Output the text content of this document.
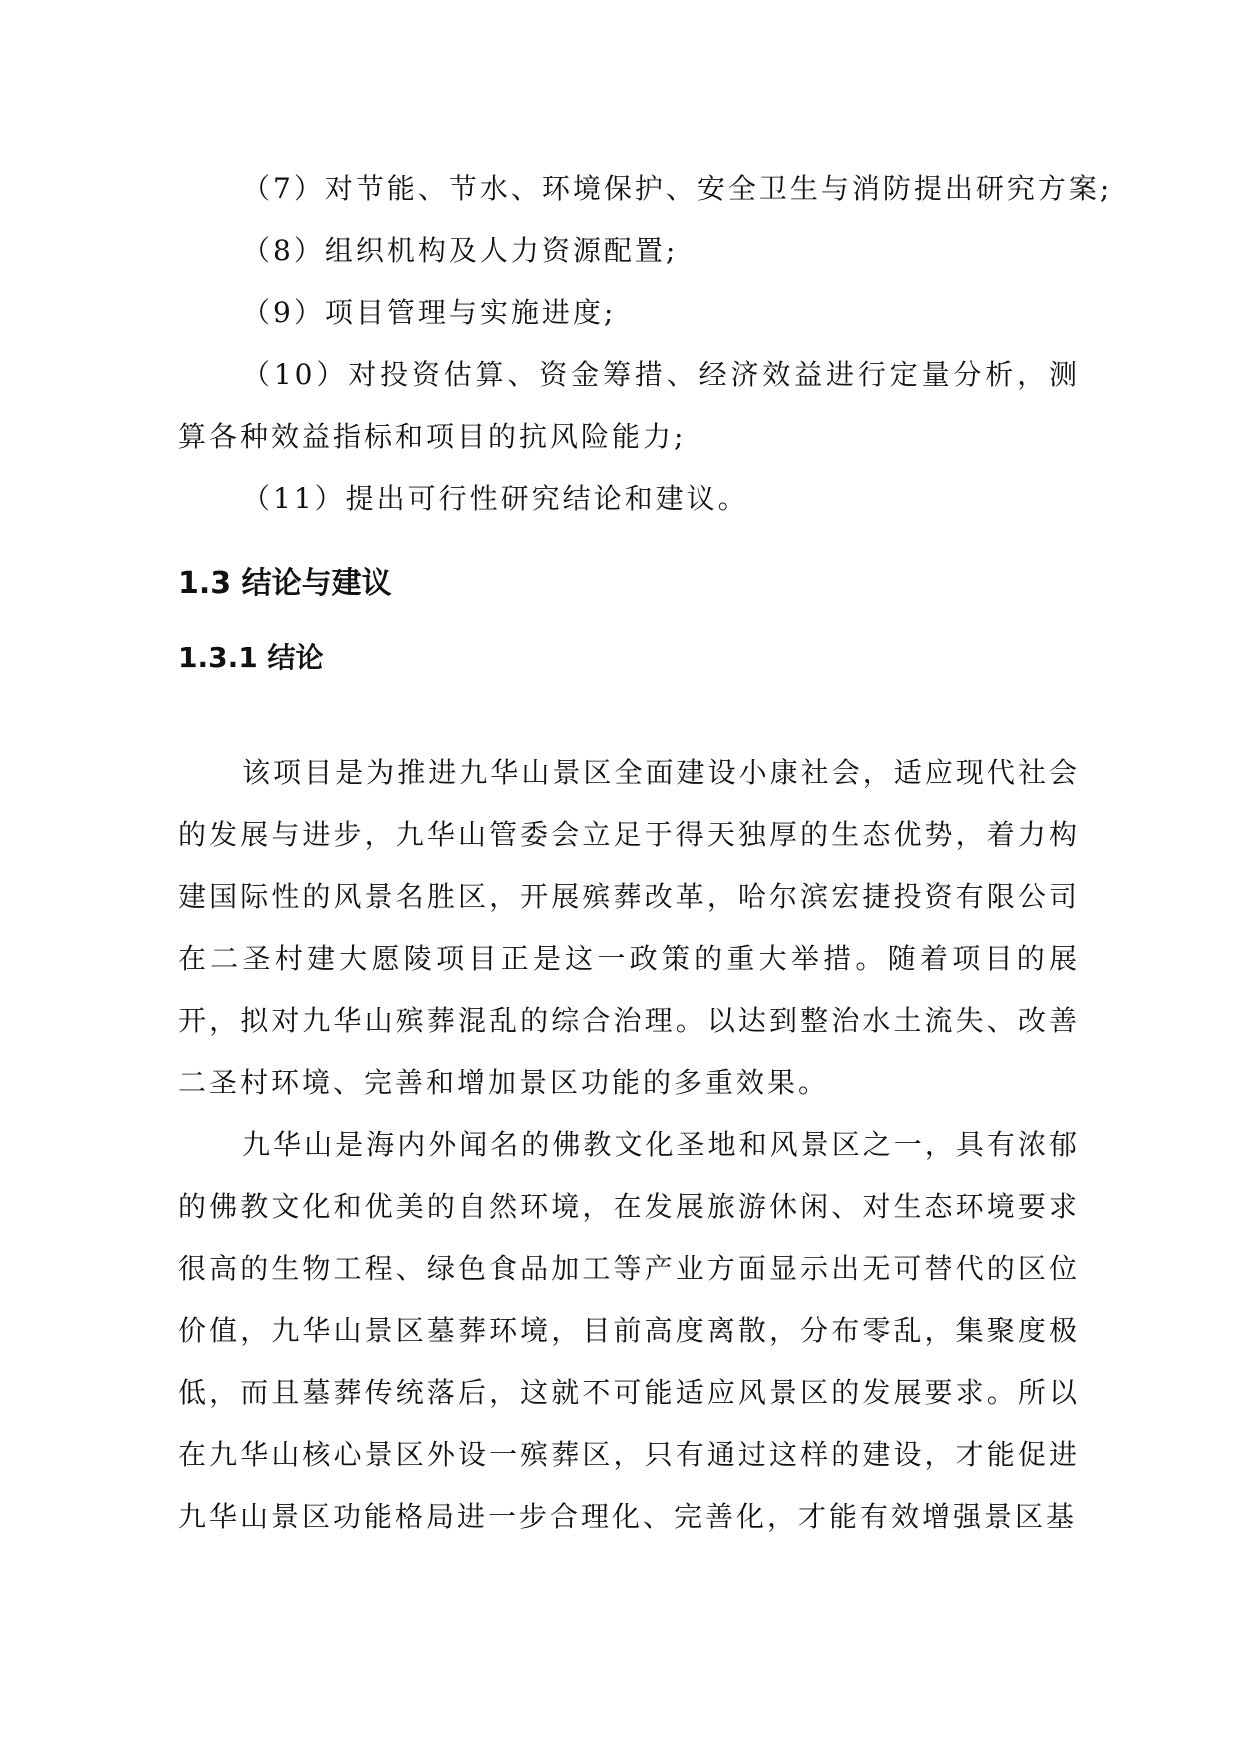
（7）对节能、节水、环境保护、安全卫生与消防提出研究方案;
（8）组织机构及人力资源配置;
（9）项目管理与实施进度;
（10）对投资估算、资金筹措、经济效益进行定量分析，测算各种效益指标和项目的抗风险能力;
（11）提出可行性研究结论和建议。
1.3 结论与建议
1.3.1 结论
该项目是为推进九华山景区全面建设小康社会，适应现代社会的发展与进步，九华山管委会立足于得天独厚的生态优势，着力构建国际性的风景名胜区，开展殡葬改革，哈尔滨宏捷投资有限公司在二圣村建大愿陵项目正是这一政策的重大举措。随着项目的展开，拟对九华山殡葬混乱的综合治理。以达到整治水土流失、改善二圣村环境、完善和增加景区功能的多重效果。
九华山是海内外闻名的佛教文化圣地和风景区之一，具有浓郁的佛教文化和优美的自然环境，在发展旅游休闲、对生态环境要求很高的生物工程、绿色食品加工等产业方面显示出无可替代的区位价值，九华山景区墓葬环境，目前高度离散，分布零乱，集聚度极低，而且墓葬传统落后，这就不可能适应风景区的发展要求。所以在九华山核心景区外设一殡葬区，只有通过这样的建设，才能促进九华山景区功能格局进一步合理化、完善化，才能有效增强景区基
